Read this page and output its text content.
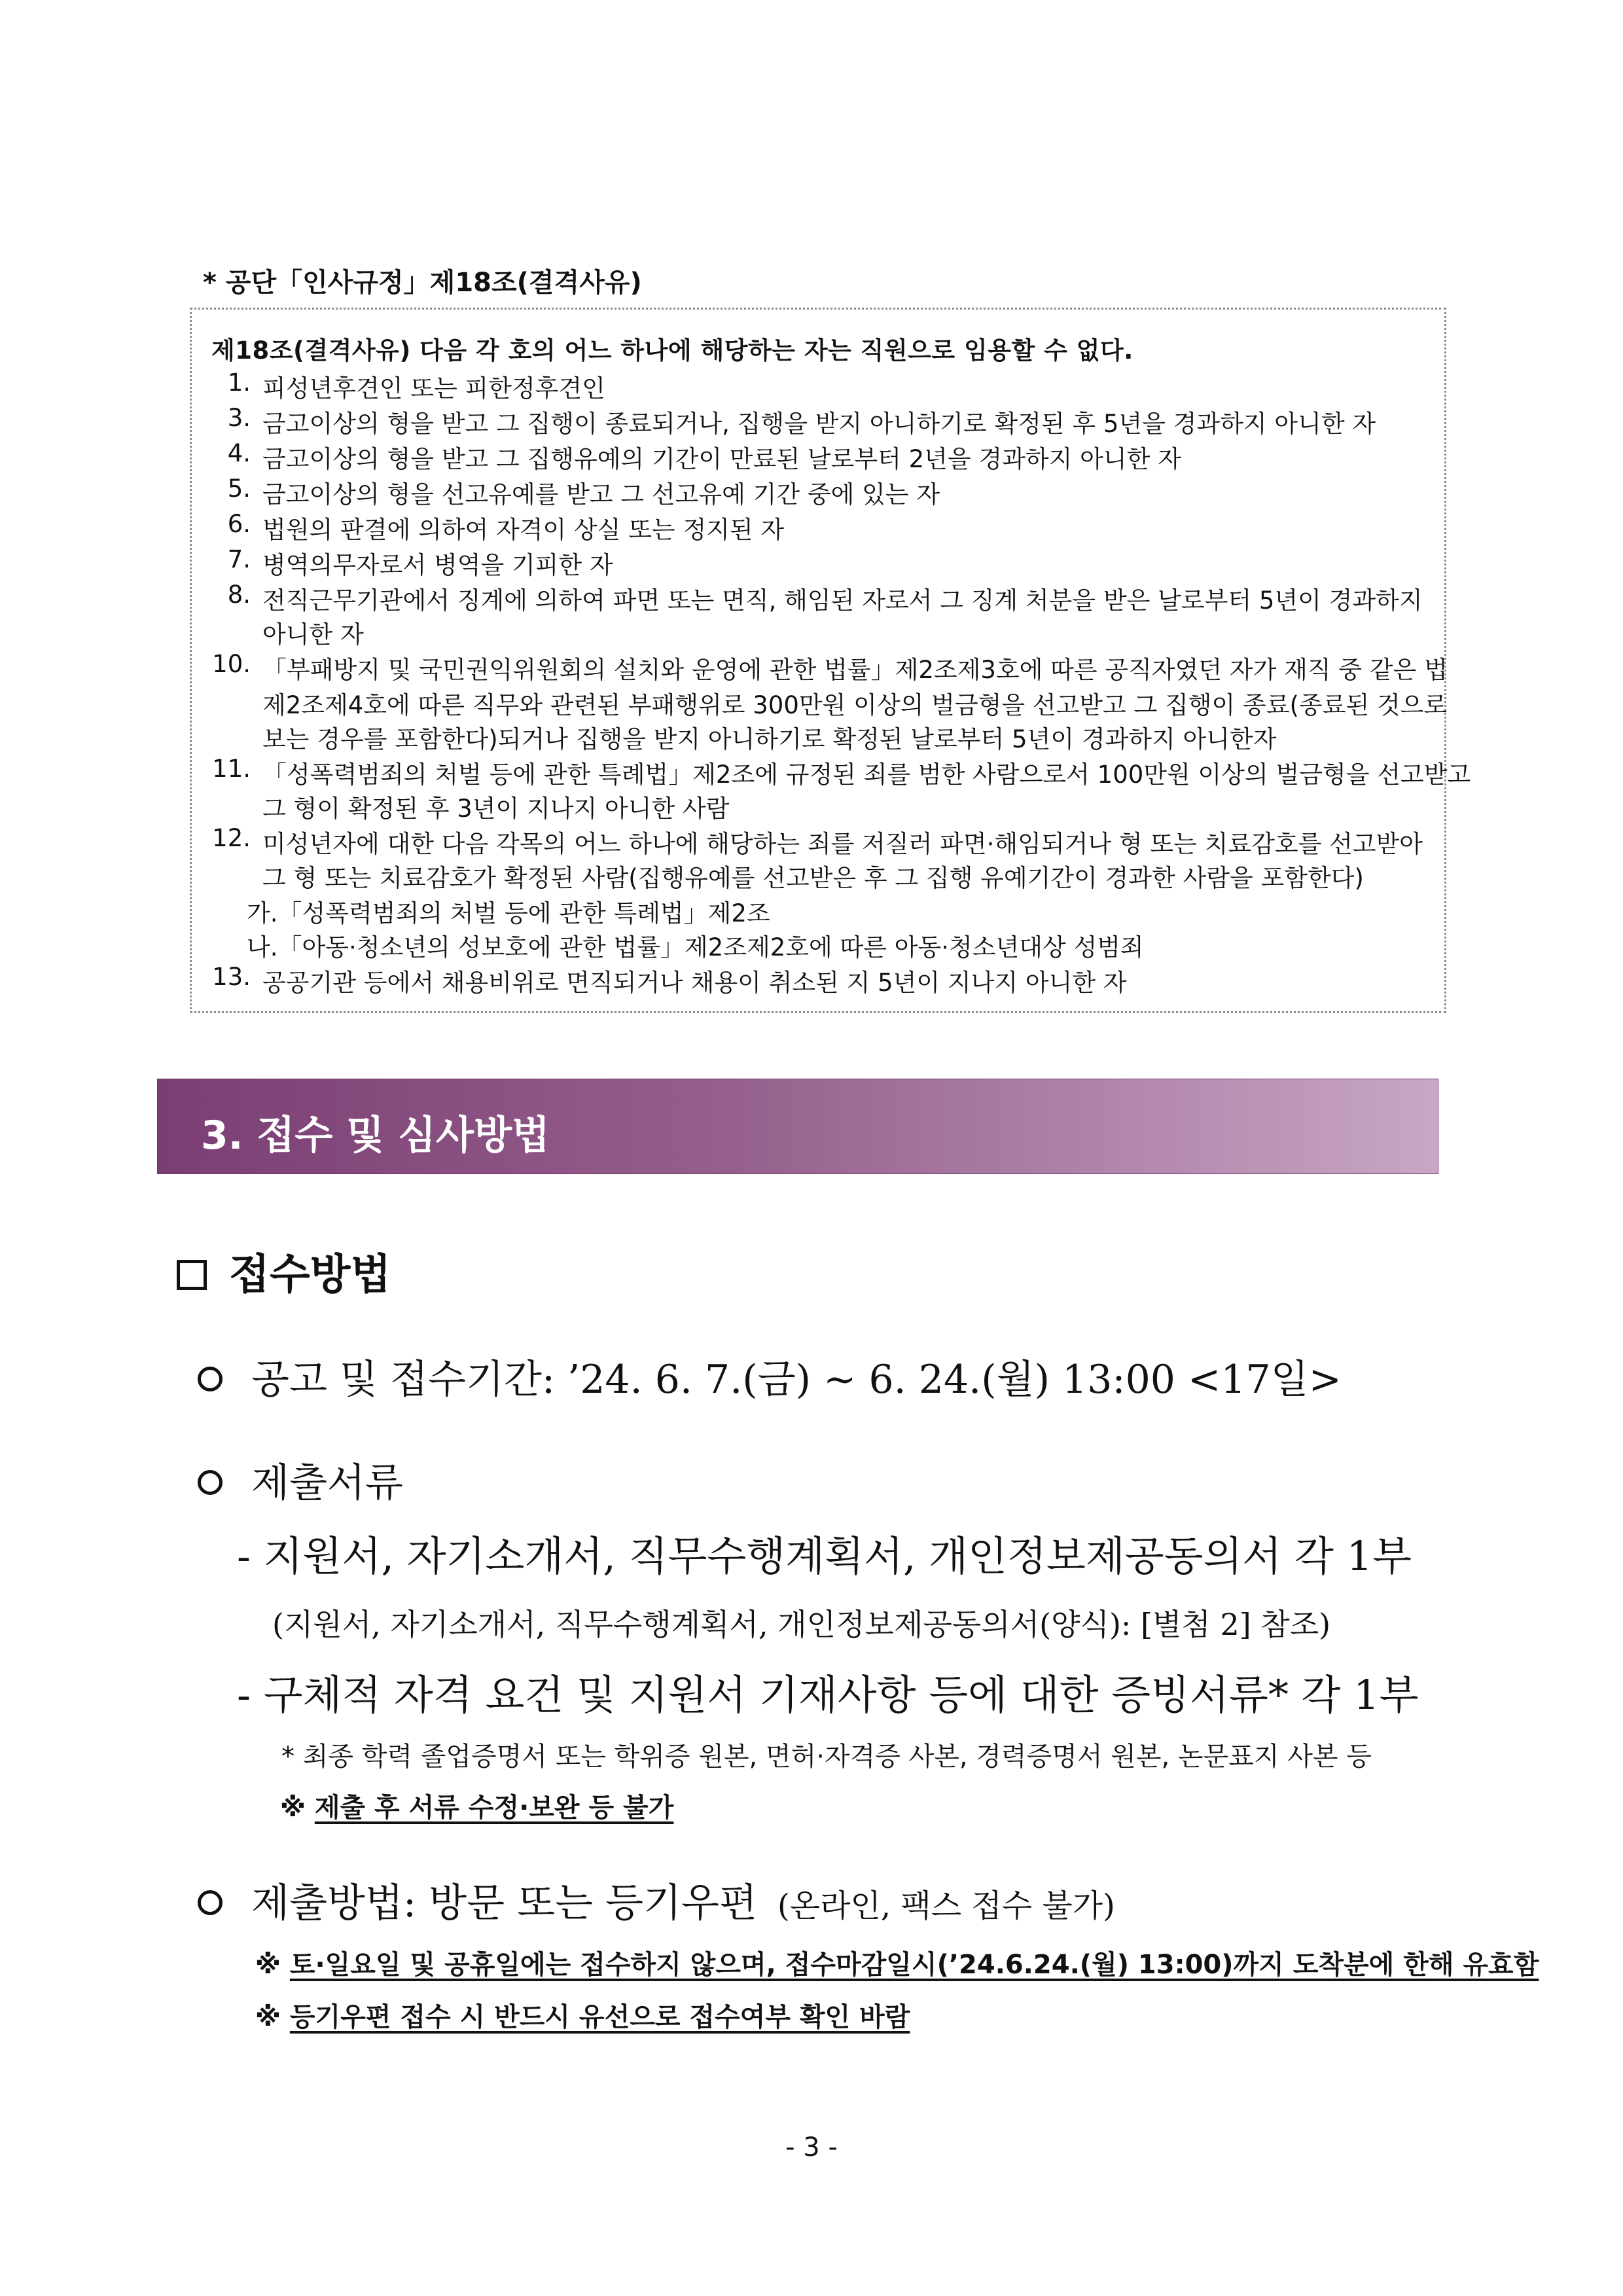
* 공단「인사규정」제18조(결격사유)
제18조(결격사유) 다음 각 호의 어느 하나에 해당하는 자는 직원으로 임용할 수 없다.
1. 피성년후견인 또는 피한정후견인
3. 금고이상의 형을 받고 그 집행이 종료되거나, 집행을 받지 아니하기로 확정된 후 5년을 경과하지 아니한 자
4. 금고이상의 형을 받고 그 집행유예의 기간이 만료된 날로부터 2년을 경과하지 아니한 자
5. 금고이상의 형을 선고유예를 받고 그 선고유예 기간 중에 있는 자
6. 법원의 판결에 의하여 자격이 상실 또는 정지된 자
7. 병역의무자로서 병역을 기피한 자
8. 전직근무기관에서 징계에 의하여 파면 또는 면직, 해임된 자로서 그 징계 처분을 받은 날로부터 5년이 경과하지
아니한 자
10. 「부패방지 및 국민권익위원회의 설치와 운영에 관한 법률」제2조제3호에 따른 공직자였던 자가 재직 중 같은 법
제2조제4호에 따른 직무와 관련된 부패행위로 300만원 이상의 벌금형을 선고받고 그 집행이 종료(종료된 것으로
보는 경우를 포함한다)되거나 집행을 받지 아니하기로 확정된 날로부터 5년이 경과하지 아니한자
11. 「성폭력범죄의 처벌 등에 관한 특례법」제2조에 규정된 죄를 범한 사람으로서 100만원 이상의 벌금형을 선고받고
그 형이 확정된 후 3년이 지나지 아니한 사람
12. 미성년자에 대한 다음 각목의 어느 하나에 해당하는 죄를 저질러 파면·해임되거나 형 또는 치료감호를 선고받아
그 형 또는 치료감호가 확정된 사람(집행유예를 선고받은 후 그 집행 유예기간이 경과한 사람을 포함한다)
가.「성폭력범죄의 처벌 등에 관한 특례법」제2조
나.「아동·청소년의 성보호에 관한 법률」제2조제2호에 따른 아동·청소년대상 성범죄
13. 공공기관 등에서 채용비위로 면직되거나 채용이 취소된 지 5년이 지나지 아니한 자
3. 접수 및 심사방법
접수방법
공고 및 접수기간: ’24. 6. 7.(금) ~ 6. 24.(월) 13:00 <17일>
제출서류
- 지원서, 자기소개서, 직무수행계획서, 개인정보제공동의서 각 1부
(지원서, 자기소개서, 직무수행계획서, 개인정보제공동의서(양식): [별첨 2] 참조)
- 구체적 자격 요건 및 지원서 기재사항 등에 대한 증빙서류* 각 1부
* 최종 학력 졸업증명서 또는 학위증 원본, 면허·자격증 사본, 경력증명서 원본, 논문표지 사본 등
※ 제출 후 서류 수정·보완 등 불가
제출방법: 방문 또는 등기우편 (온라인, 팩스 접수 불가)
※ 토·일요일 및 공휴일에는 접수하지 않으며, 접수마감일시(’24.6.24.(월) 13:00)까지 도착분에 한해 유효함
※ 등기우편 접수 시 반드시 유선으로 접수여부 확인 바람
- 3 -
